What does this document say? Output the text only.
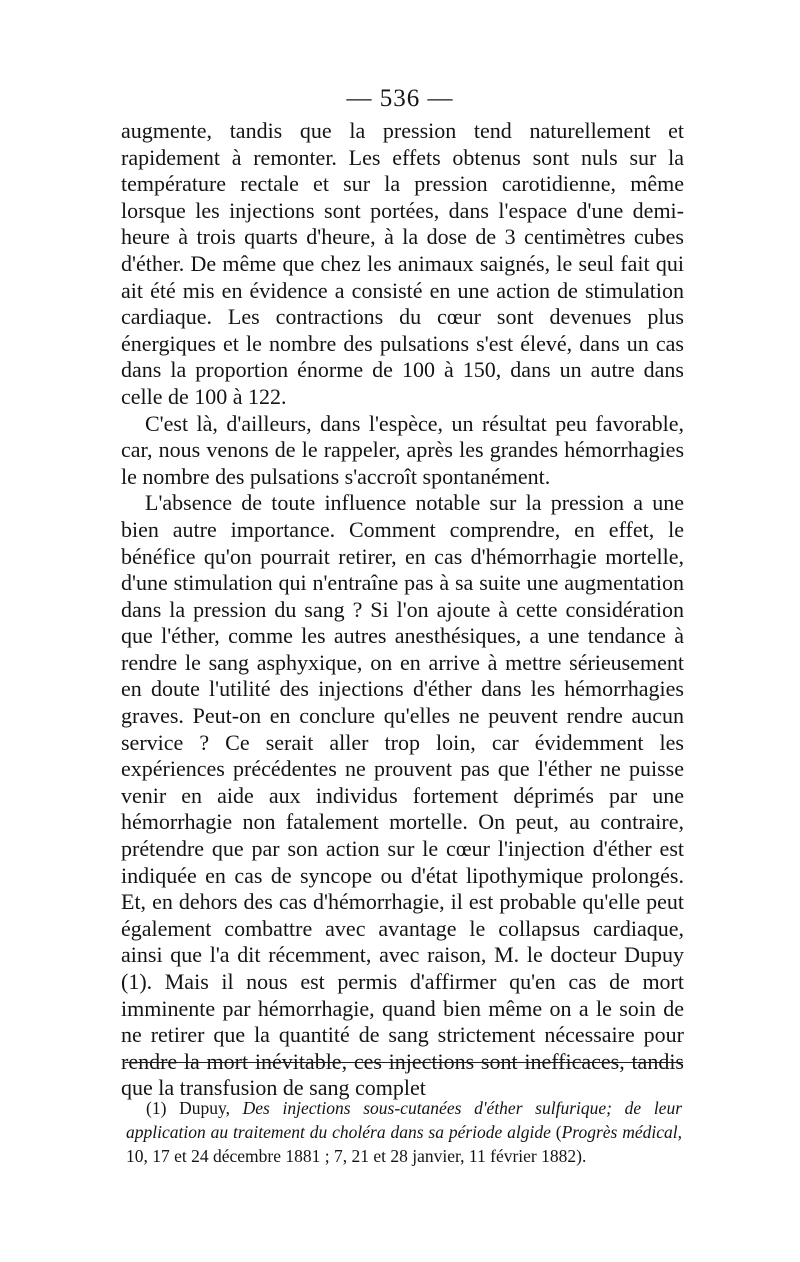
— 536 —

augmente, tandis que la pression tend naturellement et rapidement à remonter. Les effets obtenus sont nuls sur la température rectale et sur la pression carotidienne, même lorsque les injections sont portées, dans l'espace d'une demi-heure à trois quarts d'heure, à la dose de 3 centimètres cubes d'éther. De même que chez les animaux saignés, le seul fait qui ait été mis en évidence a consisté en une action de stimulation cardiaque. Les contractions du cœur sont devenues plus énergiques et le nombre des pulsations s'est élevé, dans un cas dans la proportion énorme de 100 à 150, dans un autre dans celle de 100 à 122.

C'est là, d'ailleurs, dans l'espèce, un résultat peu favorable, car, nous venons de le rappeler, après les grandes hémorrhagies le nombre des pulsations s'accroît spontanément.

L'absence de toute influence notable sur la pression a une bien autre importance. Comment comprendre, en effet, le bénéfice qu'on pourrait retirer, en cas d'hémorrhagie mortelle, d'une stimulation qui n'entraîne pas à sa suite une augmentation dans la pression du sang ? Si l'on ajoute à cette considération que l'éther, comme les autres anesthésiques, a une tendance à rendre le sang asphyxique, on en arrive à mettre sérieusement en doute l'utilité des injections d'éther dans les hémorrhagies graves. Peut-on en conclure qu'elles ne peuvent rendre aucun service ? Ce serait aller trop loin, car évidemment les expériences précédentes ne prouvent pas que l'éther ne puisse venir en aide aux individus fortement déprimés par une hémorrhagie non fatalement mortelle. On peut, au contraire, prétendre que par son action sur le cœur l'injection d'éther est indiquée en cas de syncope ou d'état lipothymique prolongés. Et, en dehors des cas d'hémorrhagie, il est probable qu'elle peut également combattre avec avantage le collapsus cardiaque, ainsi que l'a dit récemment, avec raison, M. le docteur Dupuy (1). Mais il nous est permis d'affirmer qu'en cas de mort imminente par hémorrhagie, quand bien même on a le soin de ne retirer que la quantité de sang strictement nécessaire pour rendre la mort inévitable, ces injections sont inefficaces, tandis que la transfusion de sang complet

(1) Dupuy, Des injections sous-cutanées d'éther sulfurique; de leur application au traitement du choléra dans sa période algide (Progrès médical, 10, 17 et 24 décembre 1881 ; 7, 21 et 28 janvier, 11 février 1882).
